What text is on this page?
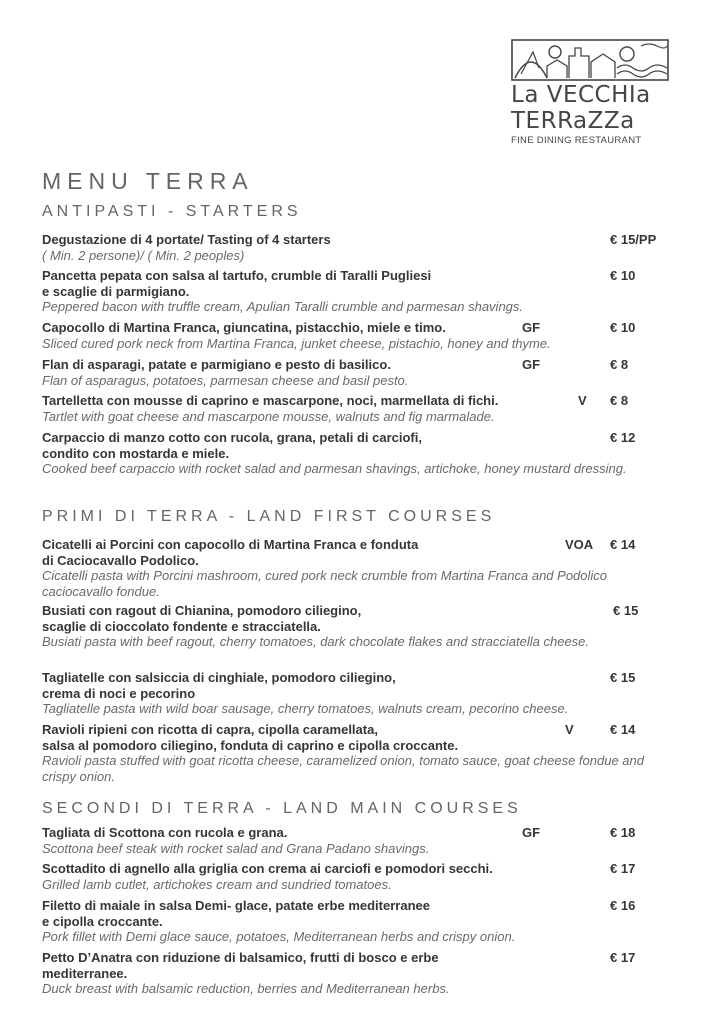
La VECCHIa
TERRaZZa
FINE DINING RESTAURANT
MENU TERRA
ANTIPASTI - STARTERS
Degustazione di 4 portate/ Tasting of 4 starters
( Min. 2 persone)/ ( Min. 2 peoples)
€ 15/PP
Pancetta pepata con salsa al tartufo, crumble di Taralli Pugliesi
e scaglie di parmigiano.
Peppered bacon with truffle cream, Apulian Taralli crumble and parmesan shavings.
€ 10
Capocollo di Martina Franca, giuncatina, pistacchio, miele e timo.
Sliced cured pork neck from Martina Franca, junket cheese, pistachio, honey and thyme.
GF	€ 10
Flan di asparagi, patate e parmigiano e pesto di basilico.
Flan of asparagus, potatoes, parmesan cheese and basil pesto.
GF	€ 8
Tartelletta con mousse di caprino e mascarpone, noci, marmellata di fichi.
Tartlet with goat cheese and mascarpone mousse, walnuts and fig marmalade.
V € 8
Carpaccio di manzo cotto con rucola, grana, petali di carciofi,
condito con mostarda e miele.
Cooked beef carpaccio with rocket salad and parmesan shavings, artichoke, honey mustard dressing.
€ 12
PRIMI DI TERRA - LAND FIRST COURSES
Cicatelli ai Porcini con capocollo di Martina Franca e fonduta
di Caciocavallo Podolico.
Cicatelli pasta with Porcini mashroom, cured pork neck crumble from Martina Franca and Podolico caciocavallo fondue.
VOA € 14
Busiati con ragout di Chianina, pomodoro ciliegino,
scaglie di cioccolato fondente e stracciatella.
Busiati pasta with beef ragout, cherry tomatoes, dark chocolate flakes and stracciatella cheese.
€ 15
Tagliatelle con salsiccia di cinghiale, pomodoro ciliegino,
crema di noci e pecorino
Tagliatelle pasta with wild boar sausage, cherry tomatoes, walnuts cream, pecorino cheese.
€ 15
Ravioli ripieni con ricotta di capra, cipolla caramellata,
salsa al pomodoro ciliegino, fonduta di caprino e cipolla croccante.
Ravioli pasta stuffed with goat ricotta cheese, caramelized onion, tomato sauce, goat cheese fondue and crispy onion.
V	€ 14
SECONDI DI TERRA - LAND MAIN COURSES
Tagliata di Scottona con rucola e grana.
Scottona beef steak with rocket salad and Grana Padano shavings.
GF	€ 18
Scottadito di agnello alla griglia con crema ai carciofi e pomodori secchi.
Grilled lamb cutlet, artichokes cream and sundried tomatoes.
€ 17
Filetto di maiale in salsa Demi- glace, patate erbe mediterranee
e cipolla croccante.
Pork fillet with Demi glace sauce, potatoes, Mediterranean herbs and crispy onion.
€ 16
Petto D’Anatra con riduzione di balsamico, frutti di bosco e erbe
mediterranee.
Duck breast with balsamic reduction, berries and Mediterranean herbs.
€ 17
